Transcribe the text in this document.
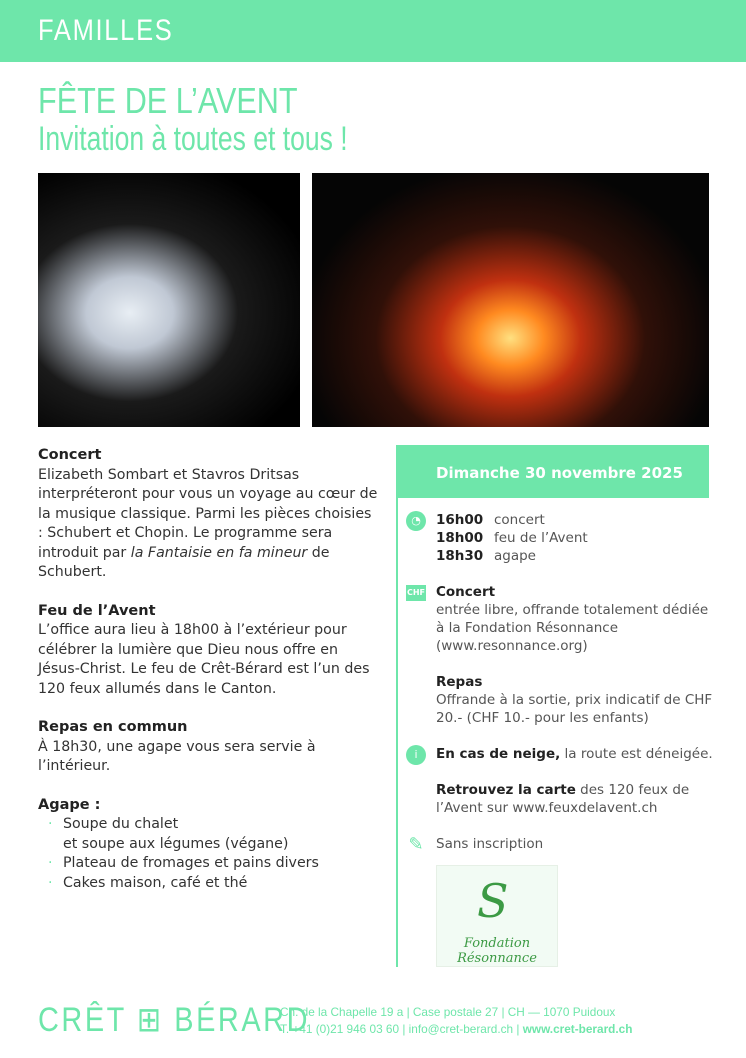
FAMILLES
FÊTE DE L’AVENT
Invitation à toutes et tous !
Concert

Elizabeth Sombart et Stavros Dritsas interpréteront pour vous un voyage au cœur de la musique classique. Parmi les pièces choisies : Schubert et Chopin. Le programme sera introduit par la Fantaisie en fa mineur de Schubert.

Feu de l’Avent

L’office aura lieu à 18h00 à l’extérieur pour célébrer la lumière que Dieu nous offre en Jésus-Christ. Le feu de Crêt-Bérard est l’un des 120 feux allumés dans le Canton.

Repas en commun

À 18h30, une agape vous sera servie à l’intérieur.

Agape :
· Soupe du chalet
et soupe aux légumes (végane)
· Plateau de fromages et pains divers
· Cakes maison, café et thé
Dimanche 30 novembre 2025
◔	16h00 concert
18h00 feu de l’Avent
18h30 agape
CHF Concert
entrée libre, offrande totalement dédiée à la Fondation Résonnance (www.resonnance.org)
Repas
Offrande à la sortie, prix indicatif de CHF 20.- (CHF 10.- pour les enfants)
i	En cas de neige, la route est déneigée.
Retrouvez la carte des 120 feux de l’Avent sur www.feuxdelavent.ch
✎ Sans inscription
S
Fondation Résonnance
CRÊT ⊞ BÉRARD
Ch. de la Chapelle 19 a | Case postale 27 | CH — 1070 Puidoux
T. +41 (0)21 946 03 60 | info@cret-berard.ch | www.cret-berard.ch
